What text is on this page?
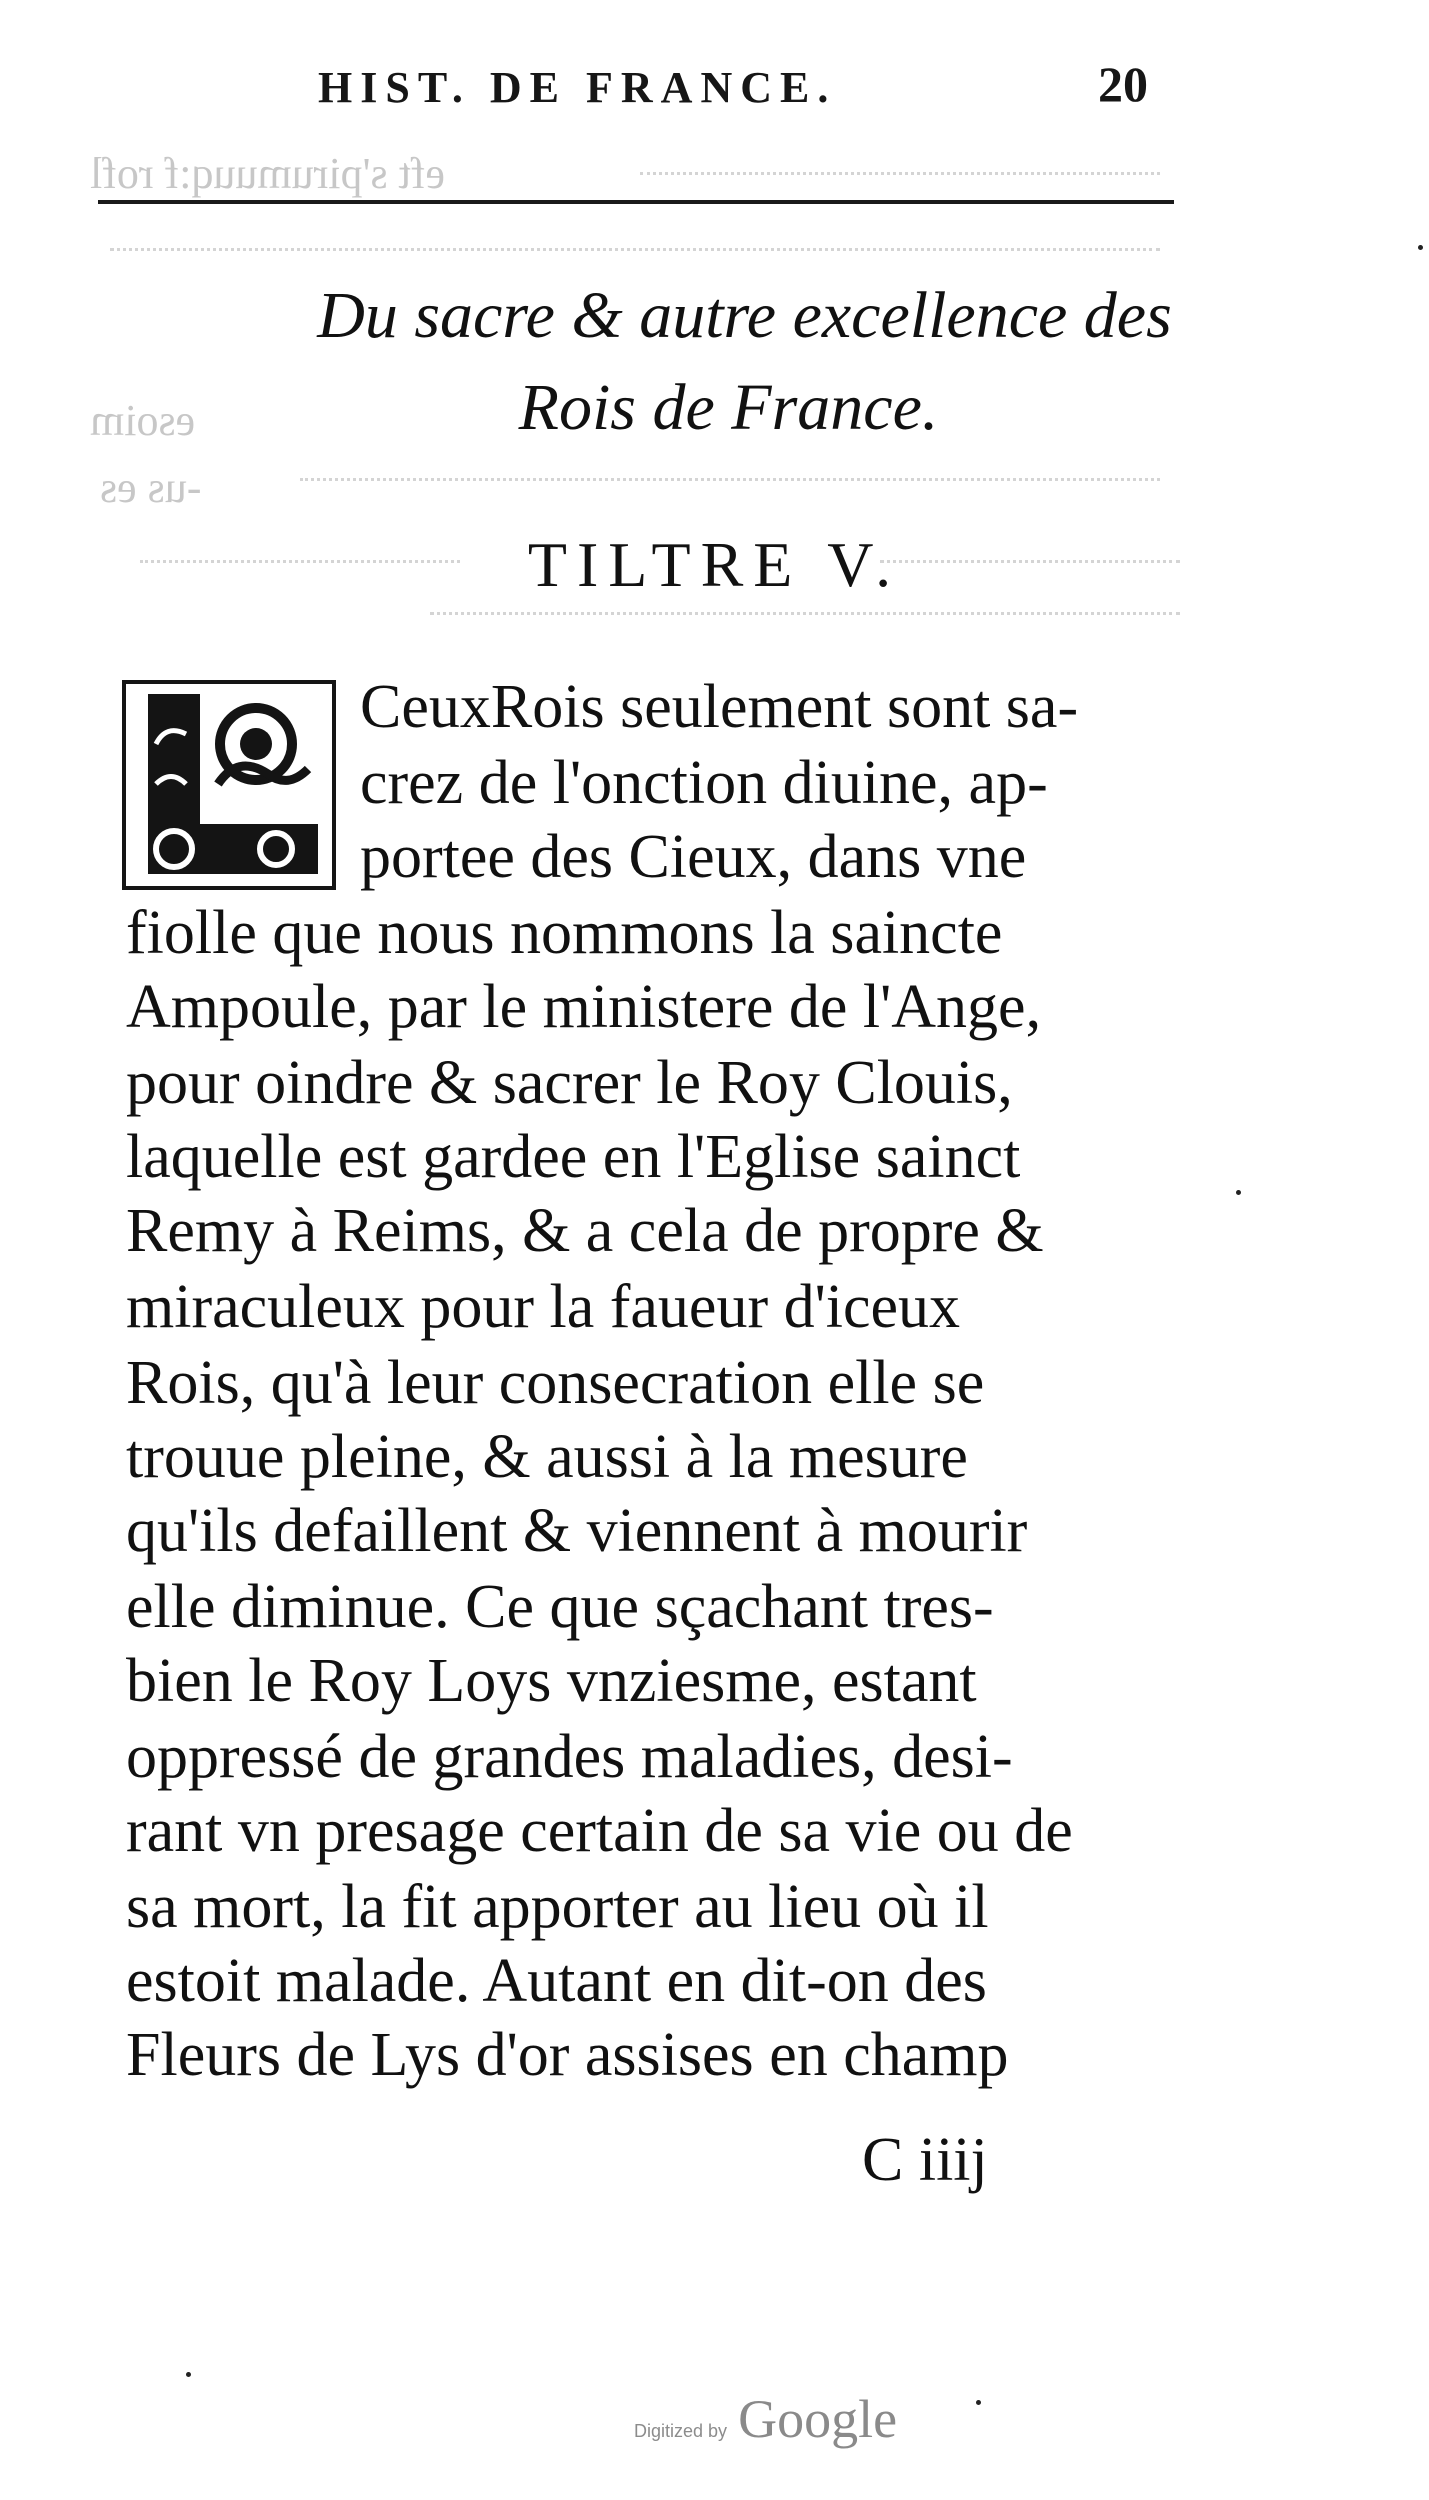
eft s'pirumuuq:f rofl
esoim
-us es
HIST. DE FRANCE.	20
Du sacre & autre excellence des
Rois de France.
TILTRE V.
CeuxRois seulement sont sa-
crez de l'onction diuine, ap-
portee des Cieux, dans vne
fiolle que nous nommons la saincte
Ampoule, par le ministere de l'Ange,
pour oindre & sacrer le Roy Clouis,
laquelle est gardee en l'Eglise sainct
Remy à Reims, & a cela de propre &
miraculeux pour la faueur d'iceux
Rois, qu'à leur consecration elle se
trouue pleine, & aussi à la mesure
qu'ils defaillent & viennent à mourir
elle diminue. Ce que sçachant tres-
bien le Roy Loys vnziesme, estant
oppressé de grandes maladies, desi-
rant vn presage certain de sa vie ou de
sa mort, la fit apporter au lieu où il
estoit malade. Autant en dit-on des
Fleurs de Lys d'or assises en champ
C iiij
Digitized by Google
